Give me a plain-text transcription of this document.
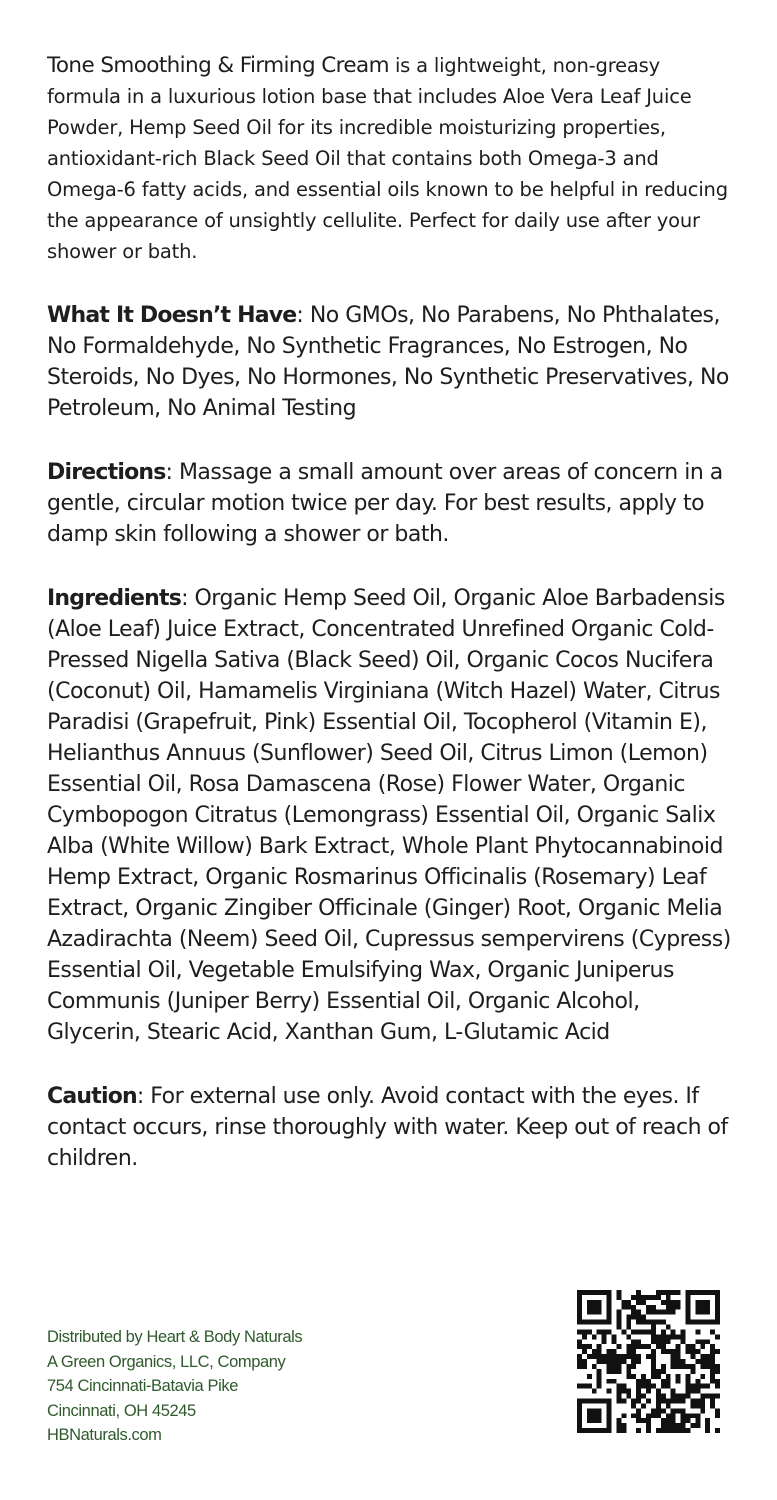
Tone Smoothing & Firming Cream is a lightweight, non-greasy formula in a luxurious lotion base that includes Aloe Vera Leaf Juice Powder, Hemp Seed Oil for its incredible moisturizing properties, antioxidant-rich Black Seed Oil that contains both Omega-3 and Omega-6 fatty acids, and essential oils known to be helpful in reducing the appearance of unsightly cellulite. Perfect for daily use after your shower or bath.

What It Doesn’t Have: No GMOs, No Parabens, No Phthalates, No Formaldehyde, No Synthetic Fragrances, No Estrogen, No Steroids, No Dyes, No Hormones, No Synthetic Preservatives, No Petroleum, No Animal Testing

Directions: Massage a small amount over areas of concern in a gentle, circular motion twice per day. For best results, apply to damp skin following a shower or bath.

Ingredients: Organic Hemp Seed Oil, Organic Aloe Barbadensis (Aloe Leaf) Juice Extract, Concentrated Unrefined Organic Cold-Pressed Nigella Sativa (Black Seed) Oil, Organic Cocos Nucifera (Coconut) Oil, Hamamelis Virginiana (Witch Hazel) Water, Citrus Paradisi (Grapefruit, Pink) Essential Oil, Tocopherol (Vitamin E), Helianthus Annuus (Sunflower) Seed Oil, Citrus Limon (Lemon) Essential Oil, Rosa Damascena (Rose) Flower Water, Organic Cymbopogon Citratus (Lemongrass) Essential Oil, Organic Salix Alba (White Willow) Bark Extract, Whole Plant Phytocannabinoid Hemp Extract, Organic Rosmarinus Officinalis (Rosemary) Leaf Extract, Organic Zingiber Officinale (Ginger) Root, Organic Melia Azadirachta (Neem) Seed Oil, Cupressus sempervirens (Cypress) Essential Oil, Vegetable Emulsifying Wax, Organic Juniperus Communis (Juniper Berry) Essential Oil, Organic Alcohol, Glycerin, Stearic Acid, Xanthan Gum, L-Glutamic Acid

Caution: For external use only. Avoid contact with the eyes. If contact occurs, rinse thoroughly with water. Keep out of reach of children.

Distributed by Heart & Body Naturals
A Green Organics, LLC, Company
754 Cincinnati-Batavia Pike
Cincinnati, OH 45245
HBNaturals.com
